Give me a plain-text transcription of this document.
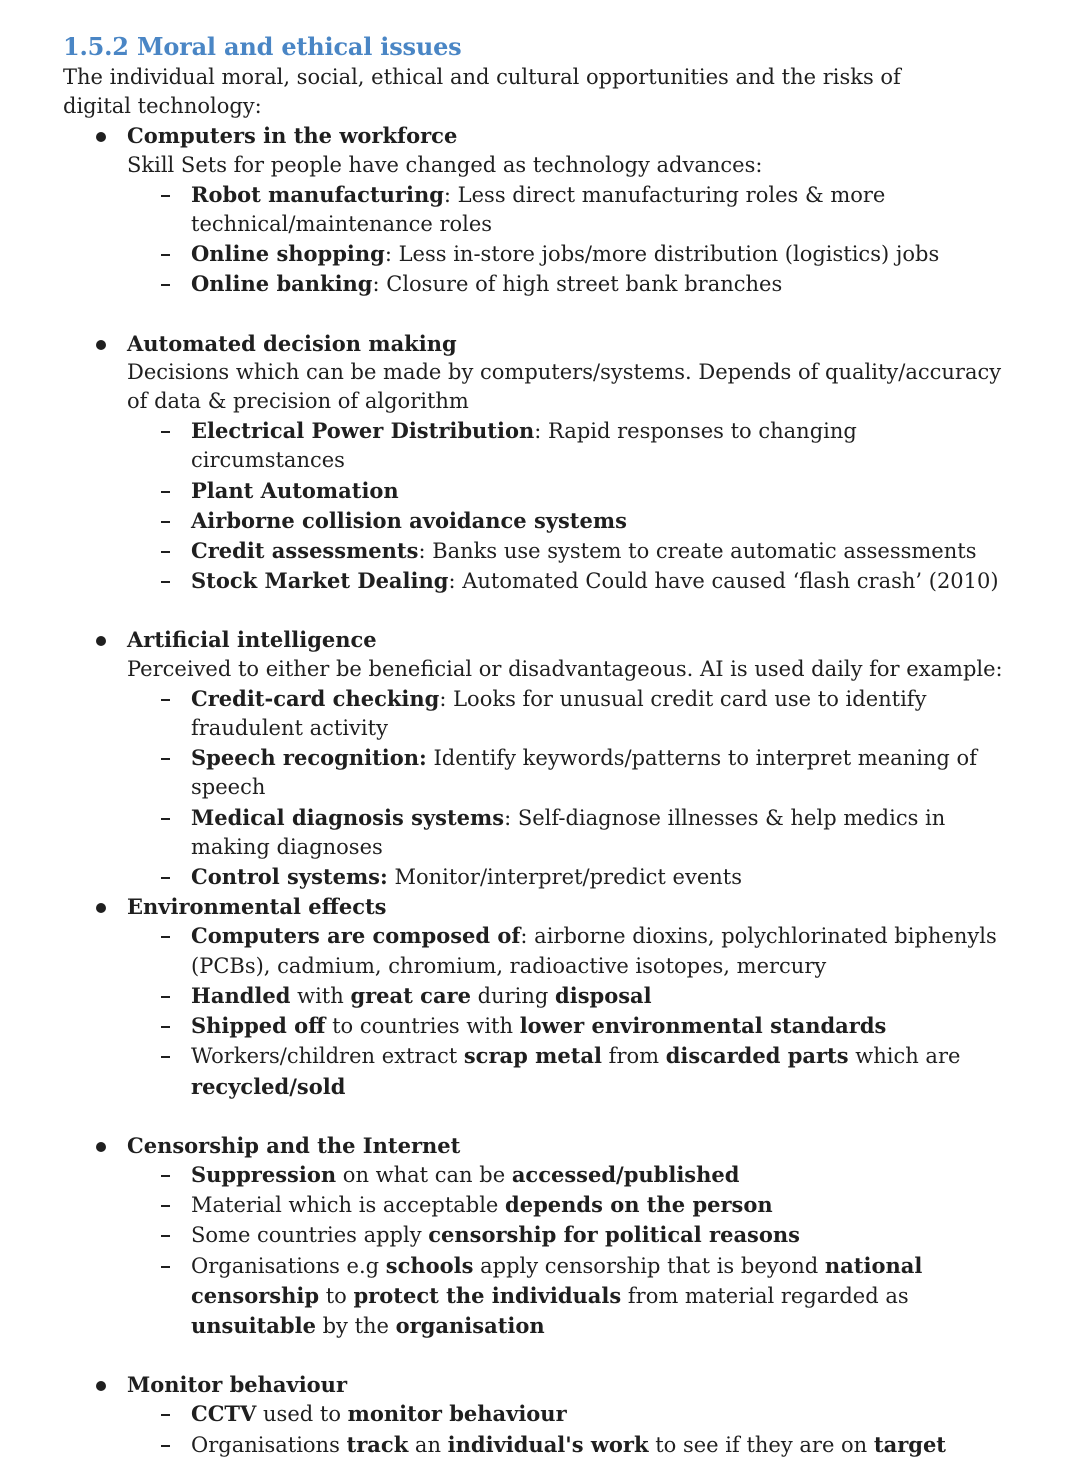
1.5.2 Moral and ethical issues

The individual moral, social, ethical and cultural opportunities and the risks of digital technology:

Computers in the workforce
Skill Sets for people have changed as technology advances:
Robot manufacturing: Less direct manufacturing roles & more technical/maintenance roles
Online shopping: Less in-store jobs/more distribution (logistics) jobs
Online banking: Closure of high street bank branches
Automated decision making
Decisions which can be made by computers/systems. Depends of quality/accuracy of data & precision of algorithm
Electrical Power Distribution: Rapid responses to changing circumstances
Plant Automation
Airborne collision avoidance systems
Credit assessments: Banks use system to create automatic assessments
Stock Market Dealing: Automated Could have caused ‘flash crash’ (2010)
Artificial intelligence
Perceived to either be beneficial or disadvantageous. AI is used daily for example:
Credit-card checking: Looks for unusual credit card use to identify fraudulent activity
Speech recognition: Identify keywords/patterns to interpret meaning of speech
Medical diagnosis systems: Self-diagnose illnesses & help medics in making diagnoses
Control systems: Monitor/interpret/predict events
Environmental effects
Computers are composed of: airborne dioxins, polychlorinated biphenyls (PCBs), cadmium, chromium, radioactive isotopes, mercury
Handled with great care during disposal
Shipped off to countries with lower environmental standards
Workers/children extract scrap metal from discarded parts which are recycled/sold
Censorship and the Internet
Suppression on what can be accessed/published
Material which is acceptable depends on the person
Some countries apply censorship for political reasons
Organisations e.g schools apply censorship that is beyond national censorship to protect the individuals from material regarded as unsuitable by the organisation
Monitor behaviour
CCTV used to monitor behaviour
Organisations track an individual's work to see if they are on target
